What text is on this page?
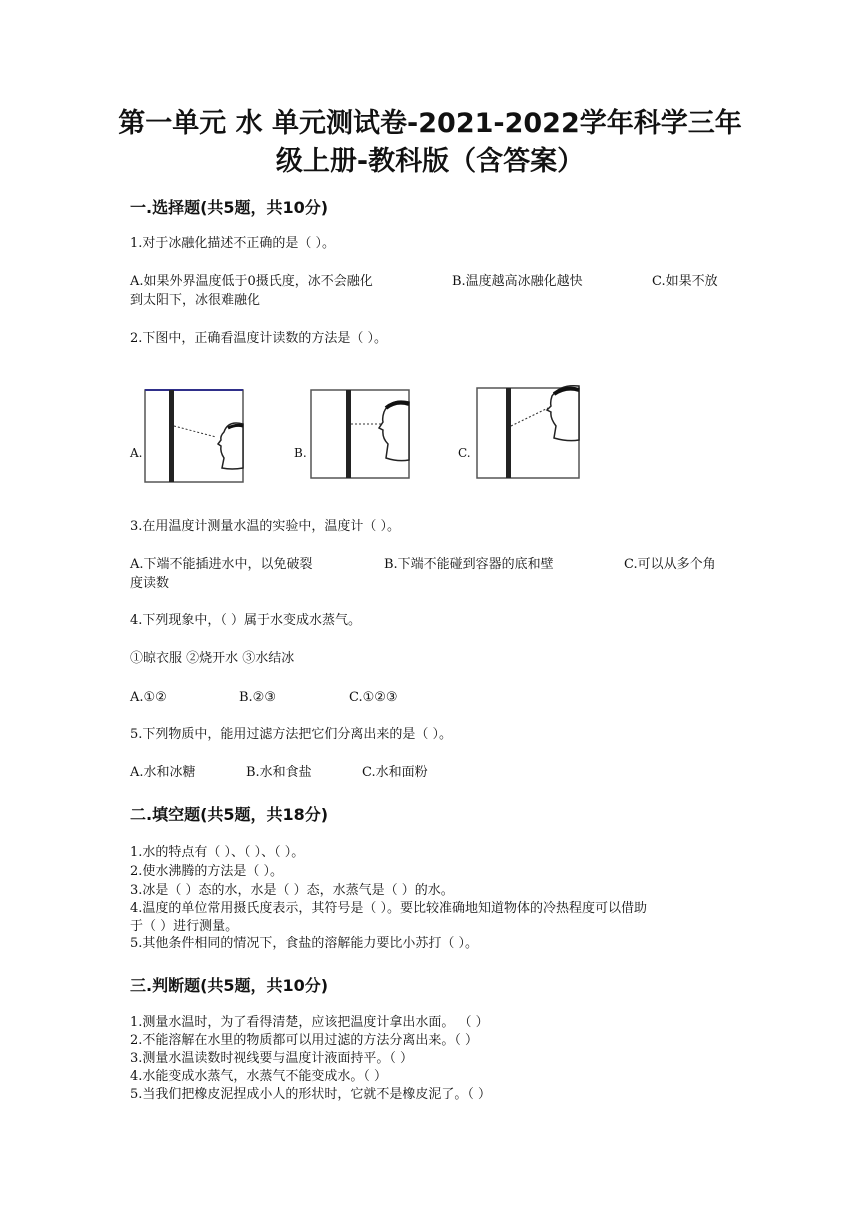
第一单元 水 单元测试卷-2021-2022学年科学三年
级上册-教科版（含答案）
一.选择题(共5题，共10分)
1.对于冰融化描述不正确的是（ ）。
A.如果外界温度低于0摄氏度，冰不会融化	B.温度越高冰融化越快	C.如果不放
到太阳下，冰很难融化
2.下图中，正确看温度计读数的方法是（ ）。
A.	B.	C.
3.在用温度计测量水温的实验中，温度计（ ）。
A.下端不能插进水中，以免破裂	B.下端不能碰到容器的底和壁	C.可以从多个角
度读数
4.下列现象中，（ ）属于水变成水蒸气。
①晾衣服 ②烧开水 ③水结冰
A.①②	B.②③	C.①②③
5.下列物质中，能用过滤方法把它们分离出来的是（ ）。
A.水和冰糖	B.水和食盐	C.水和面粉
二.填空题(共5题，共18分)
1.水的特点有（ ）、（ ）、（ ）。
2.使水沸腾的方法是（ ）。
3.冰是（ ）态的水，水是（ ）态，水蒸气是（ ）的水。
4.温度的单位常用摄氏度表示，其符号是（ ）。要比较准确地知道物体的冷热程度可以借助
于（ ）进行测量。
5.其他条件相同的情况下，食盐的溶解能力要比小苏打（ ）。
三.判断题(共5题，共10分)
1.测量水温时，为了看得清楚，应该把温度计拿出水面。 （ ）
2.不能溶解在水里的物质都可以用过滤的方法分离出来。（ ）
3.测量水温读数时视线要与温度计液面持平。（ ）
4.水能变成水蒸气，水蒸气不能变成水。（ ）
5.当我们把橡皮泥捏成小人的形状时，它就不是橡皮泥了。（ ）
